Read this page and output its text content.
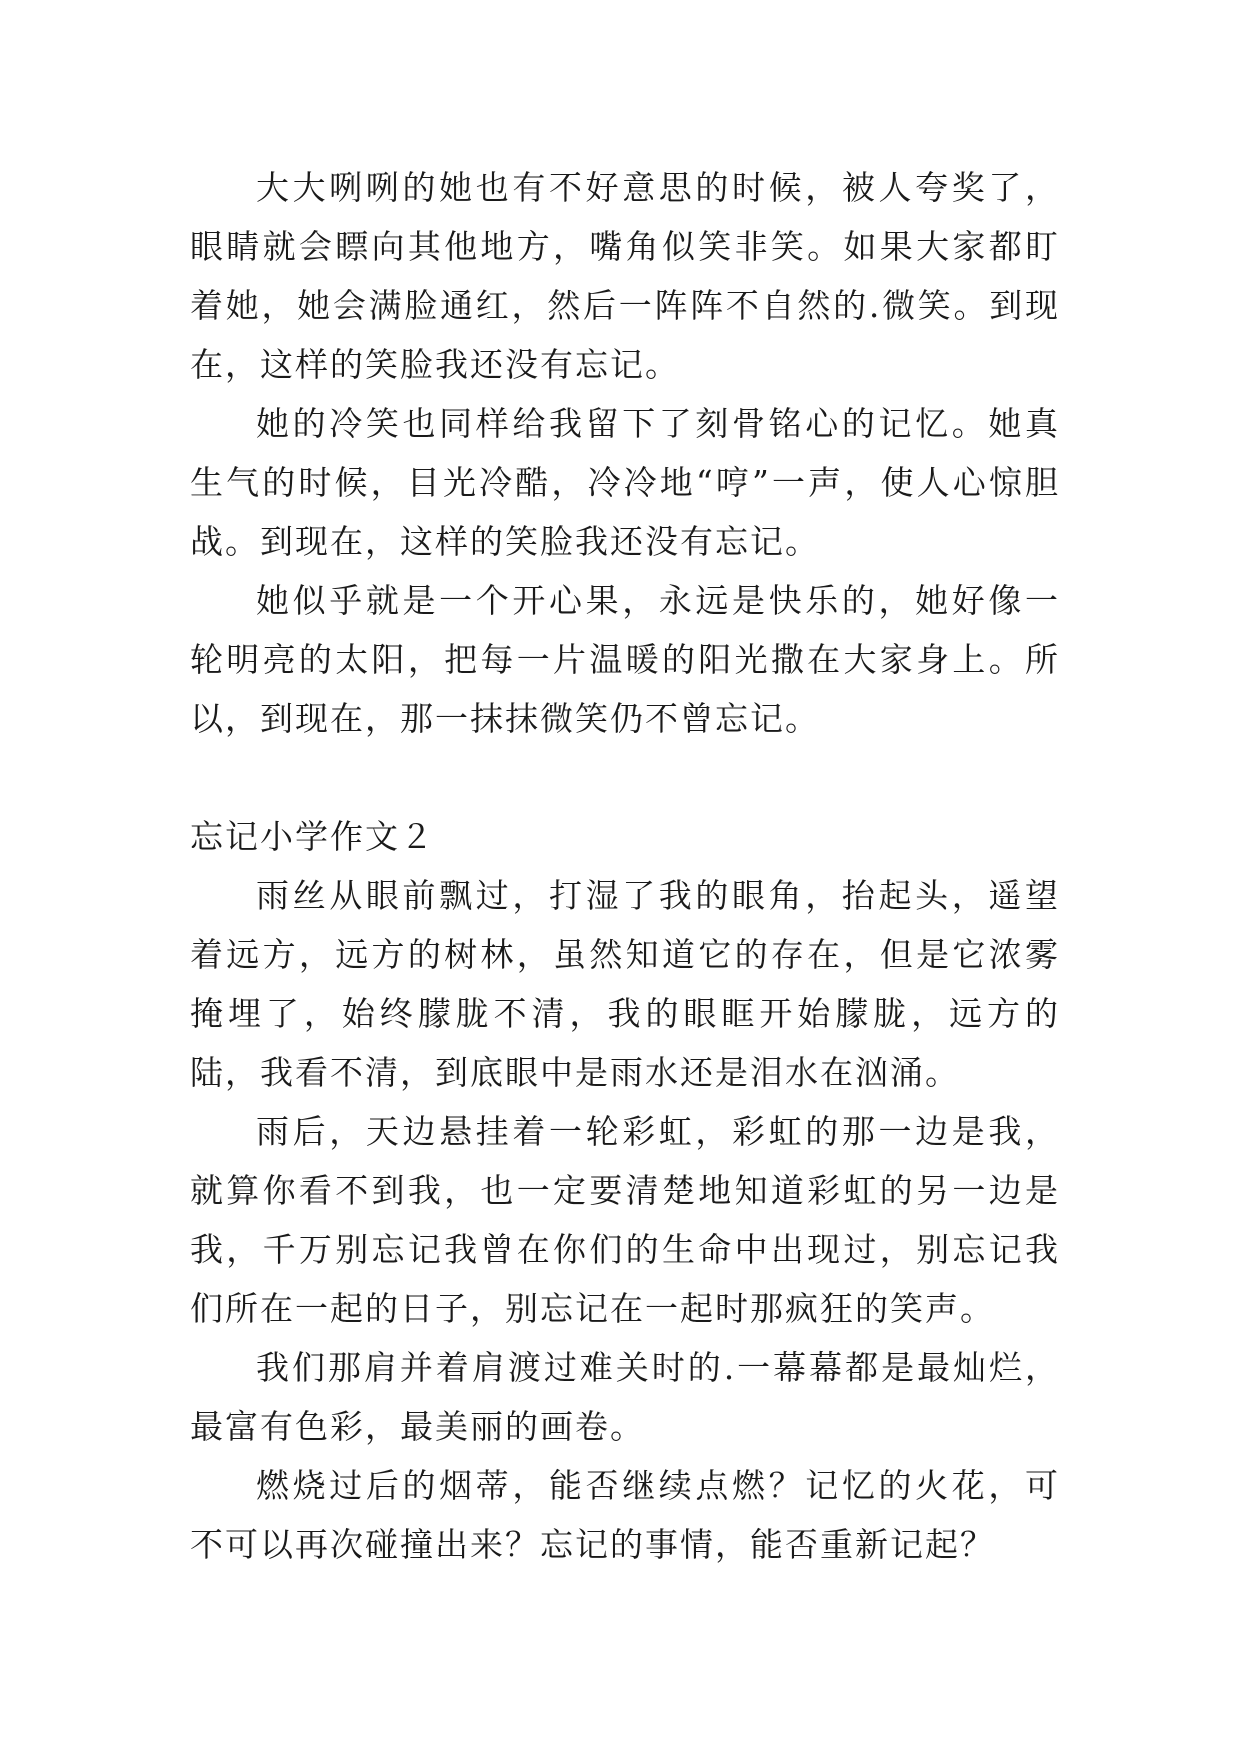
大大咧咧的她也有不好意思的时候，被人夸奖了，眼睛就会瞟向其他地方，嘴角似笑非笑。如果大家都盯着她，她会满脸通红，然后一阵阵不自然的.微笑。到现在，这样的笑脸我还没有忘记。

她的冷笑也同样给我留下了刻骨铭心的记忆。她真生气的时候，目光冷酷，冷冷地“哼”一声，使人心惊胆战。到现在，这样的笑脸我还没有忘记。

她似乎就是一个开心果，永远是快乐的，她好像一轮明亮的太阳，把每一片温暖的阳光撒在大家身上。所以，到现在，那一抹抹微笑仍不曾忘记。

忘记小学作文２

雨丝从眼前飘过，打湿了我的眼角，抬起头，遥望着远方，远方的树林，虽然知道它的存在，但是它浓雾掩埋了，始终朦胧不清，我的眼眶开始朦胧，远方的陆，我看不清，到底眼中是雨水还是泪水在汹涌。

雨后，天边悬挂着一轮彩虹，彩虹的那一边是我，就算你看不到我，也一定要清楚地知道彩虹的另一边是我，千万别忘记我曾在你们的生命中出现过，别忘记我们所在一起的日子，别忘记在一起时那疯狂的笑声。

我们那肩并着肩渡过难关时的.一幕幕都是最灿烂，最富有色彩，最美丽的画卷。

燃烧过后的烟蒂，能否继续点燃？记忆的火花，可不可以再次碰撞出来？忘记的事情，能否重新记起？
